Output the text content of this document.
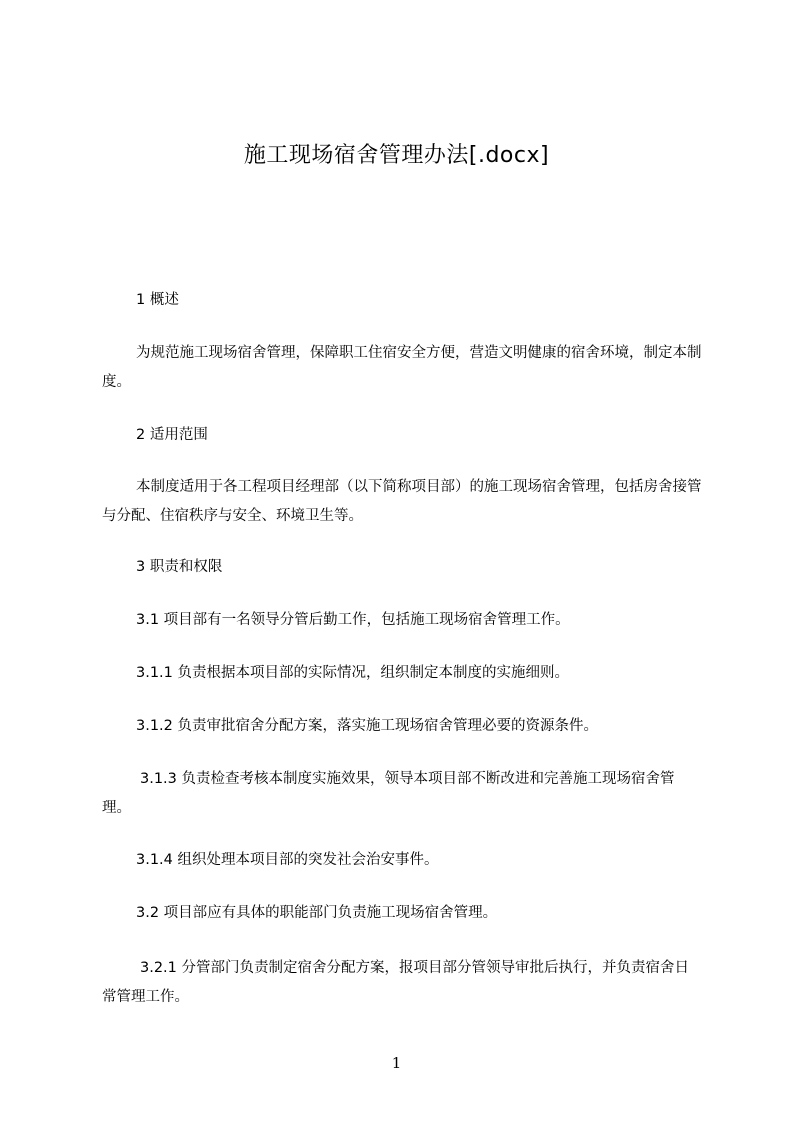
施工现场宿舍管理办法[.docx]
1 概述
为规范施工现场宿舍管理，保障职工住宿安全方便，营造文明健康的宿舍环境，制定本制度。
2 适用范围
本制度适用于各工程项目经理部（以下简称项目部）的施工现场宿舍管理，包括房舍接管与分配、住宿秩序与安全、环境卫生等。
3 职责和权限
3.1 项目部有一名领导分管后勤工作，包括施工现场宿舍管理工作。
3.1.1 负责根据本项目部的实际情况，组织制定本制度的实施细则。
3.1.2 负责审批宿舍分配方案，落实施工现场宿舍管理必要的资源条件。
3.1.3 负责检查考核本制度实施效果，领导本项目部不断改进和完善施工现场宿舍管理。
3.1.4 组织处理本项目部的突发社会治安事件。
3.2 项目部应有具体的职能部门负责施工现场宿舍管理。
3.2.1 分管部门负责制定宿舍分配方案，报项目部分管领导审批后执行，并负责宿舍日常管理工作。
1
